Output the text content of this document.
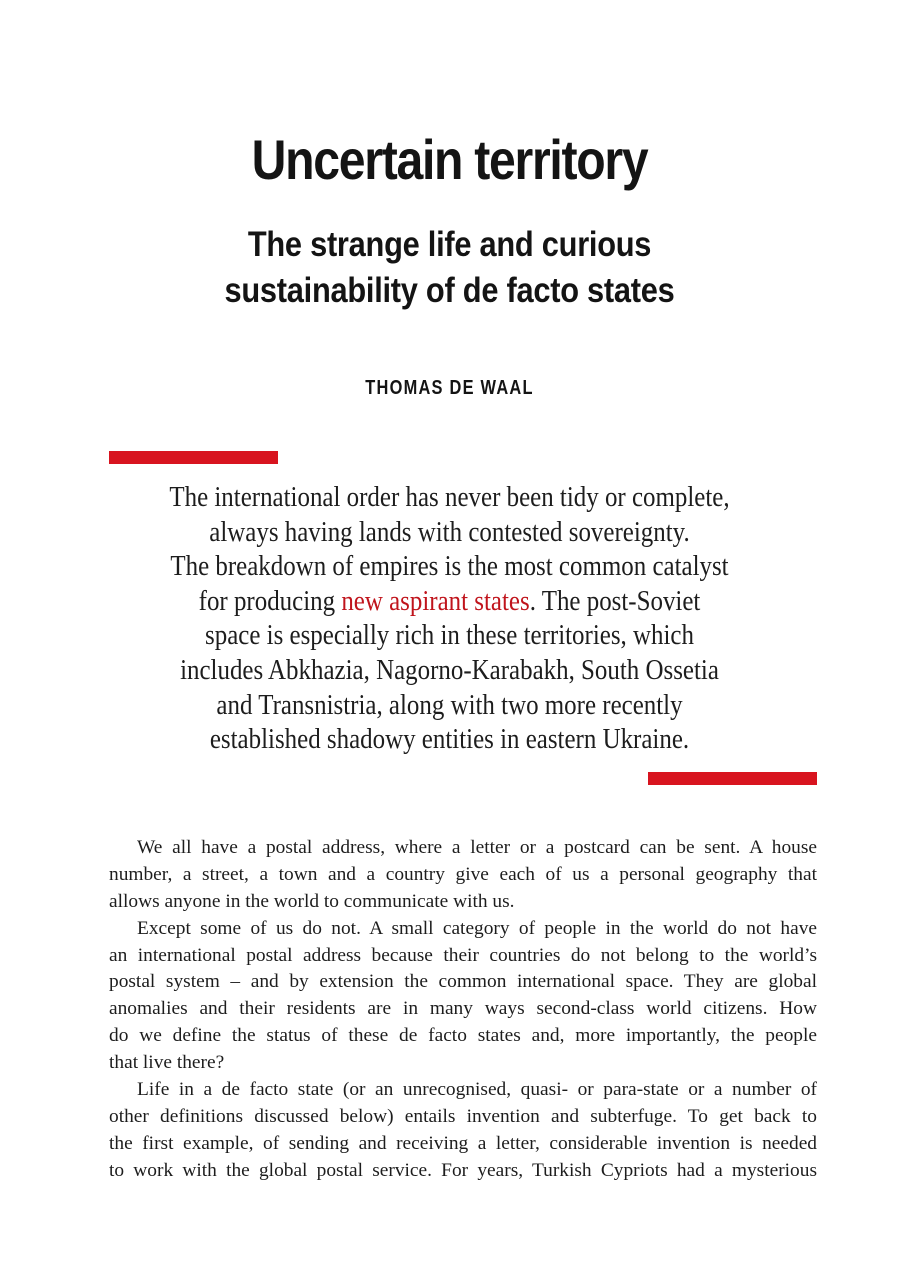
Uncertain territory
The strange life and curious
sustainability of de facto states
THOMAS DE WAAL
The international order has never been tidy or complete,
always having lands with contested sovereignty.
The breakdown of empires is the most common catalyst
for producing new aspirant states. The post-Soviet
space is especially rich in these territories, which
includes Abkhazia, Nagorno-Karabakh, South Ossetia
and Transnistria, along with two more recently
established shadowy entities in eastern Ukraine.
We all have a postal address, where a letter or a postcard can be sent. A house
number, a street, a town and a country give each of us a personal geography that
allows anyone in the world to communicate with us.
Except some of us do not. A small category of people in the world do not have
an international postal address because their countries do not belong to the world’s
postal system – and by extension the common international space. They are global
anomalies and their residents are in many ways second-class world citizens. How
do we define the status of these de facto states and, more importantly, the people
that live there?
Life in a de facto state (or an unrecognised, quasi- or para-state or a number of
other definitions discussed below) entails invention and subterfuge. To get back to
the first example, of sending and receiving a letter, considerable invention is needed
to work with the global postal service. For years, Turkish Cypriots had a mysterious
